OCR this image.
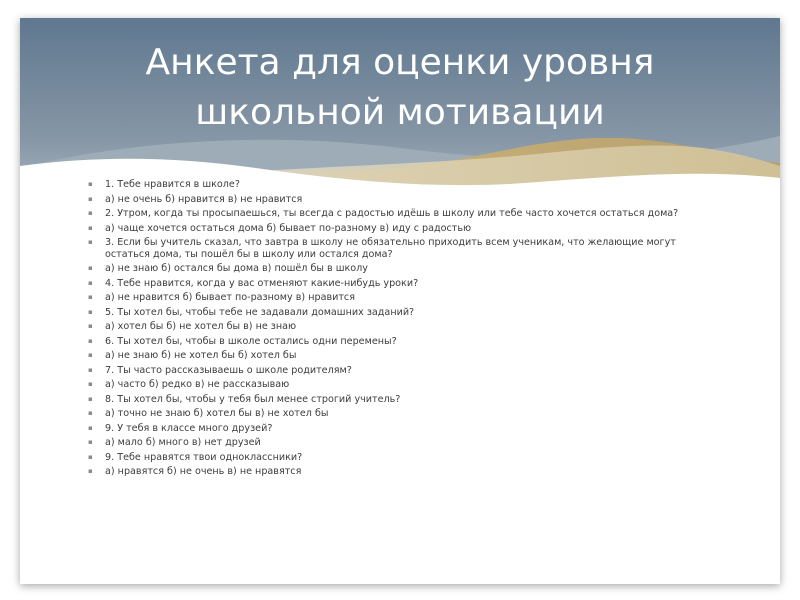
Анкета для оценки уровня
школьной мотивации
▪ 1. Тебе нравится в школе?
▪ а) не очень б) нравится в) не нравится
▪ 2. Утром, когда ты просыпаешься, ты всегда с радостью идёшь в школу или тебе часто хочется остаться дома?
▪ а) чаще хочется остаться дома б) бывает по-разному в) иду с радостью
▪ 3. Если бы учитель сказал, что завтра в школу не обязательно приходить всем ученикам, что желающие могут остаться дома, ты пошёл бы в школу или остался дома?
▪ а) не знаю б) остался бы дома в) пошёл бы в школу
▪ 4. Тебе нравится, когда у вас отменяют какие-нибудь уроки?
▪ а) не нравится б) бывает по-разному в) нравится
▪ 5. Ты хотел бы, чтобы тебе не задавали домашних заданий?
▪ а) хотел бы б) не хотел бы в) не знаю
▪ 6. Ты хотел бы, чтобы в школе остались одни перемены?
▪ а) не знаю б) не хотел бы б) хотел бы
▪ 7. Ты часто рассказываешь о школе родителям?
▪ а) часто б) редко в) не рассказываю
▪ 8. Ты хотел бы, чтобы у тебя был менее строгий учитель?
▪ а) точно не знаю б) хотел бы в) не хотел бы
▪ 9. У тебя в классе много друзей?
▪ а) мало б) много в) нет друзей
▪ 9. Тебе нравятся твои одноклассники?
▪ а) нравятся б) не очень в) не нравятся
